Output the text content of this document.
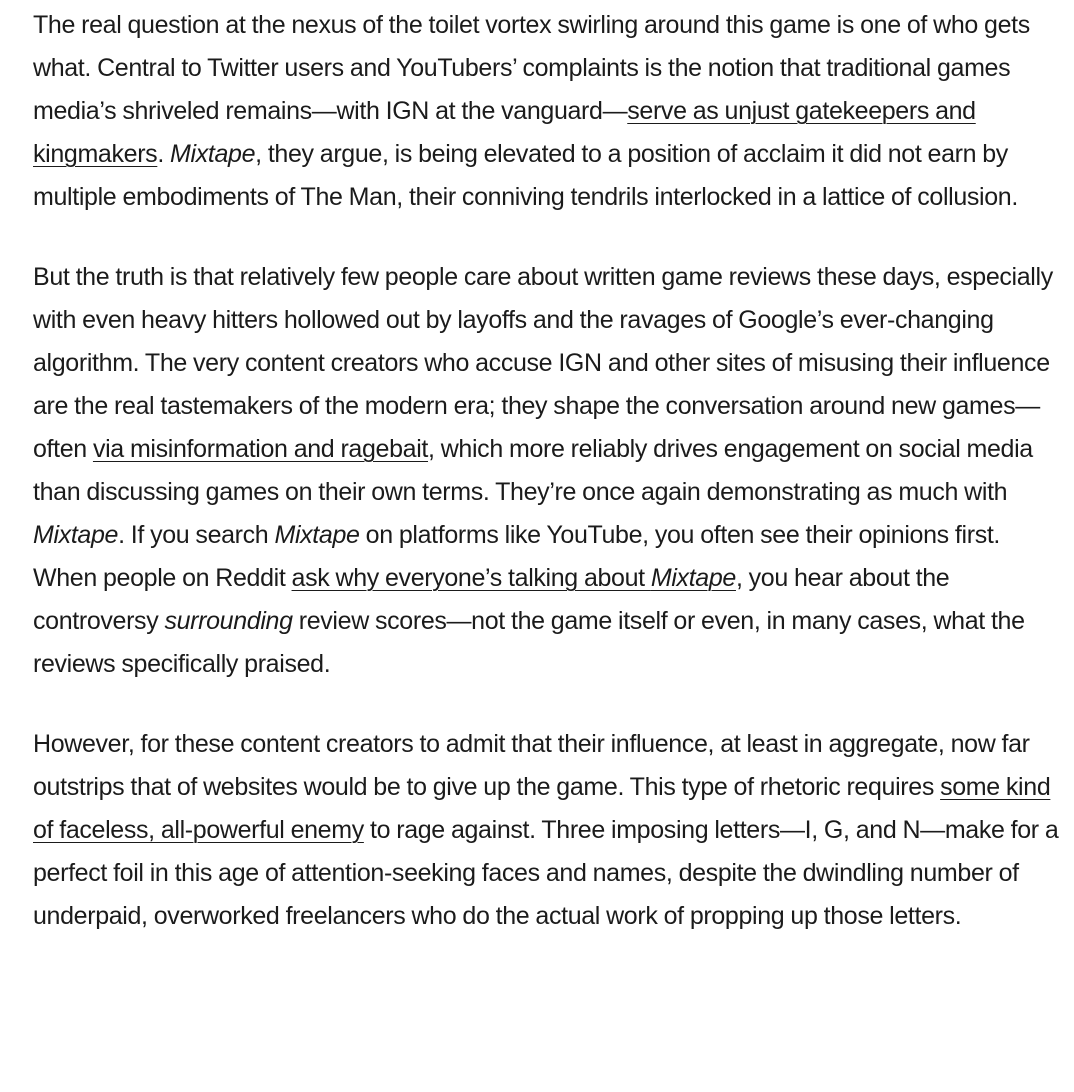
The real question at the nexus of the toilet vortex swirling around this game is one of who gets what. Central to Twitter users and YouTubers’ complaints is the notion that traditional games media’s shriveled remains—with IGN at the vanguard—serve as unjust gatekeepers and kingmakers. Mixtape, they argue, is being elevated to a position of acclaim it did not earn by multiple embodiments of The Man, their conniving tendrils interlocked in a lattice of collusion.

But the truth is that relatively few people care about written game reviews these days, especially with even heavy hitters hollowed out by layoffs and the ravages of Google’s ever-changing algorithm. The very content creators who accuse IGN and other sites of misusing their influence are the real tastemakers of the modern era; they shape the conversation around new games—often via misinformation and ragebait, which more reliably drives engagement on social media than discussing games on their own terms. They’re once again demonstrating as much with Mixtape. If you search Mixtape on platforms like YouTube, you often see their opinions first. When people on Reddit ask why everyone’s talking about Mixtape, you hear about the controversy surrounding review scores—not the game itself or even, in many cases, what the reviews specifically praised.

However, for these content creators to admit that their influence, at least in aggregate, now far outstrips that of websites would be to give up the game. This type of rhetoric requires some kind of faceless, all-powerful enemy to rage against. Three imposing letters—I, G, and N—make for a perfect foil in this age of attention-seeking faces and names, despite the dwindling number of underpaid, overworked freelancers who do the actual work of propping up those letters.
